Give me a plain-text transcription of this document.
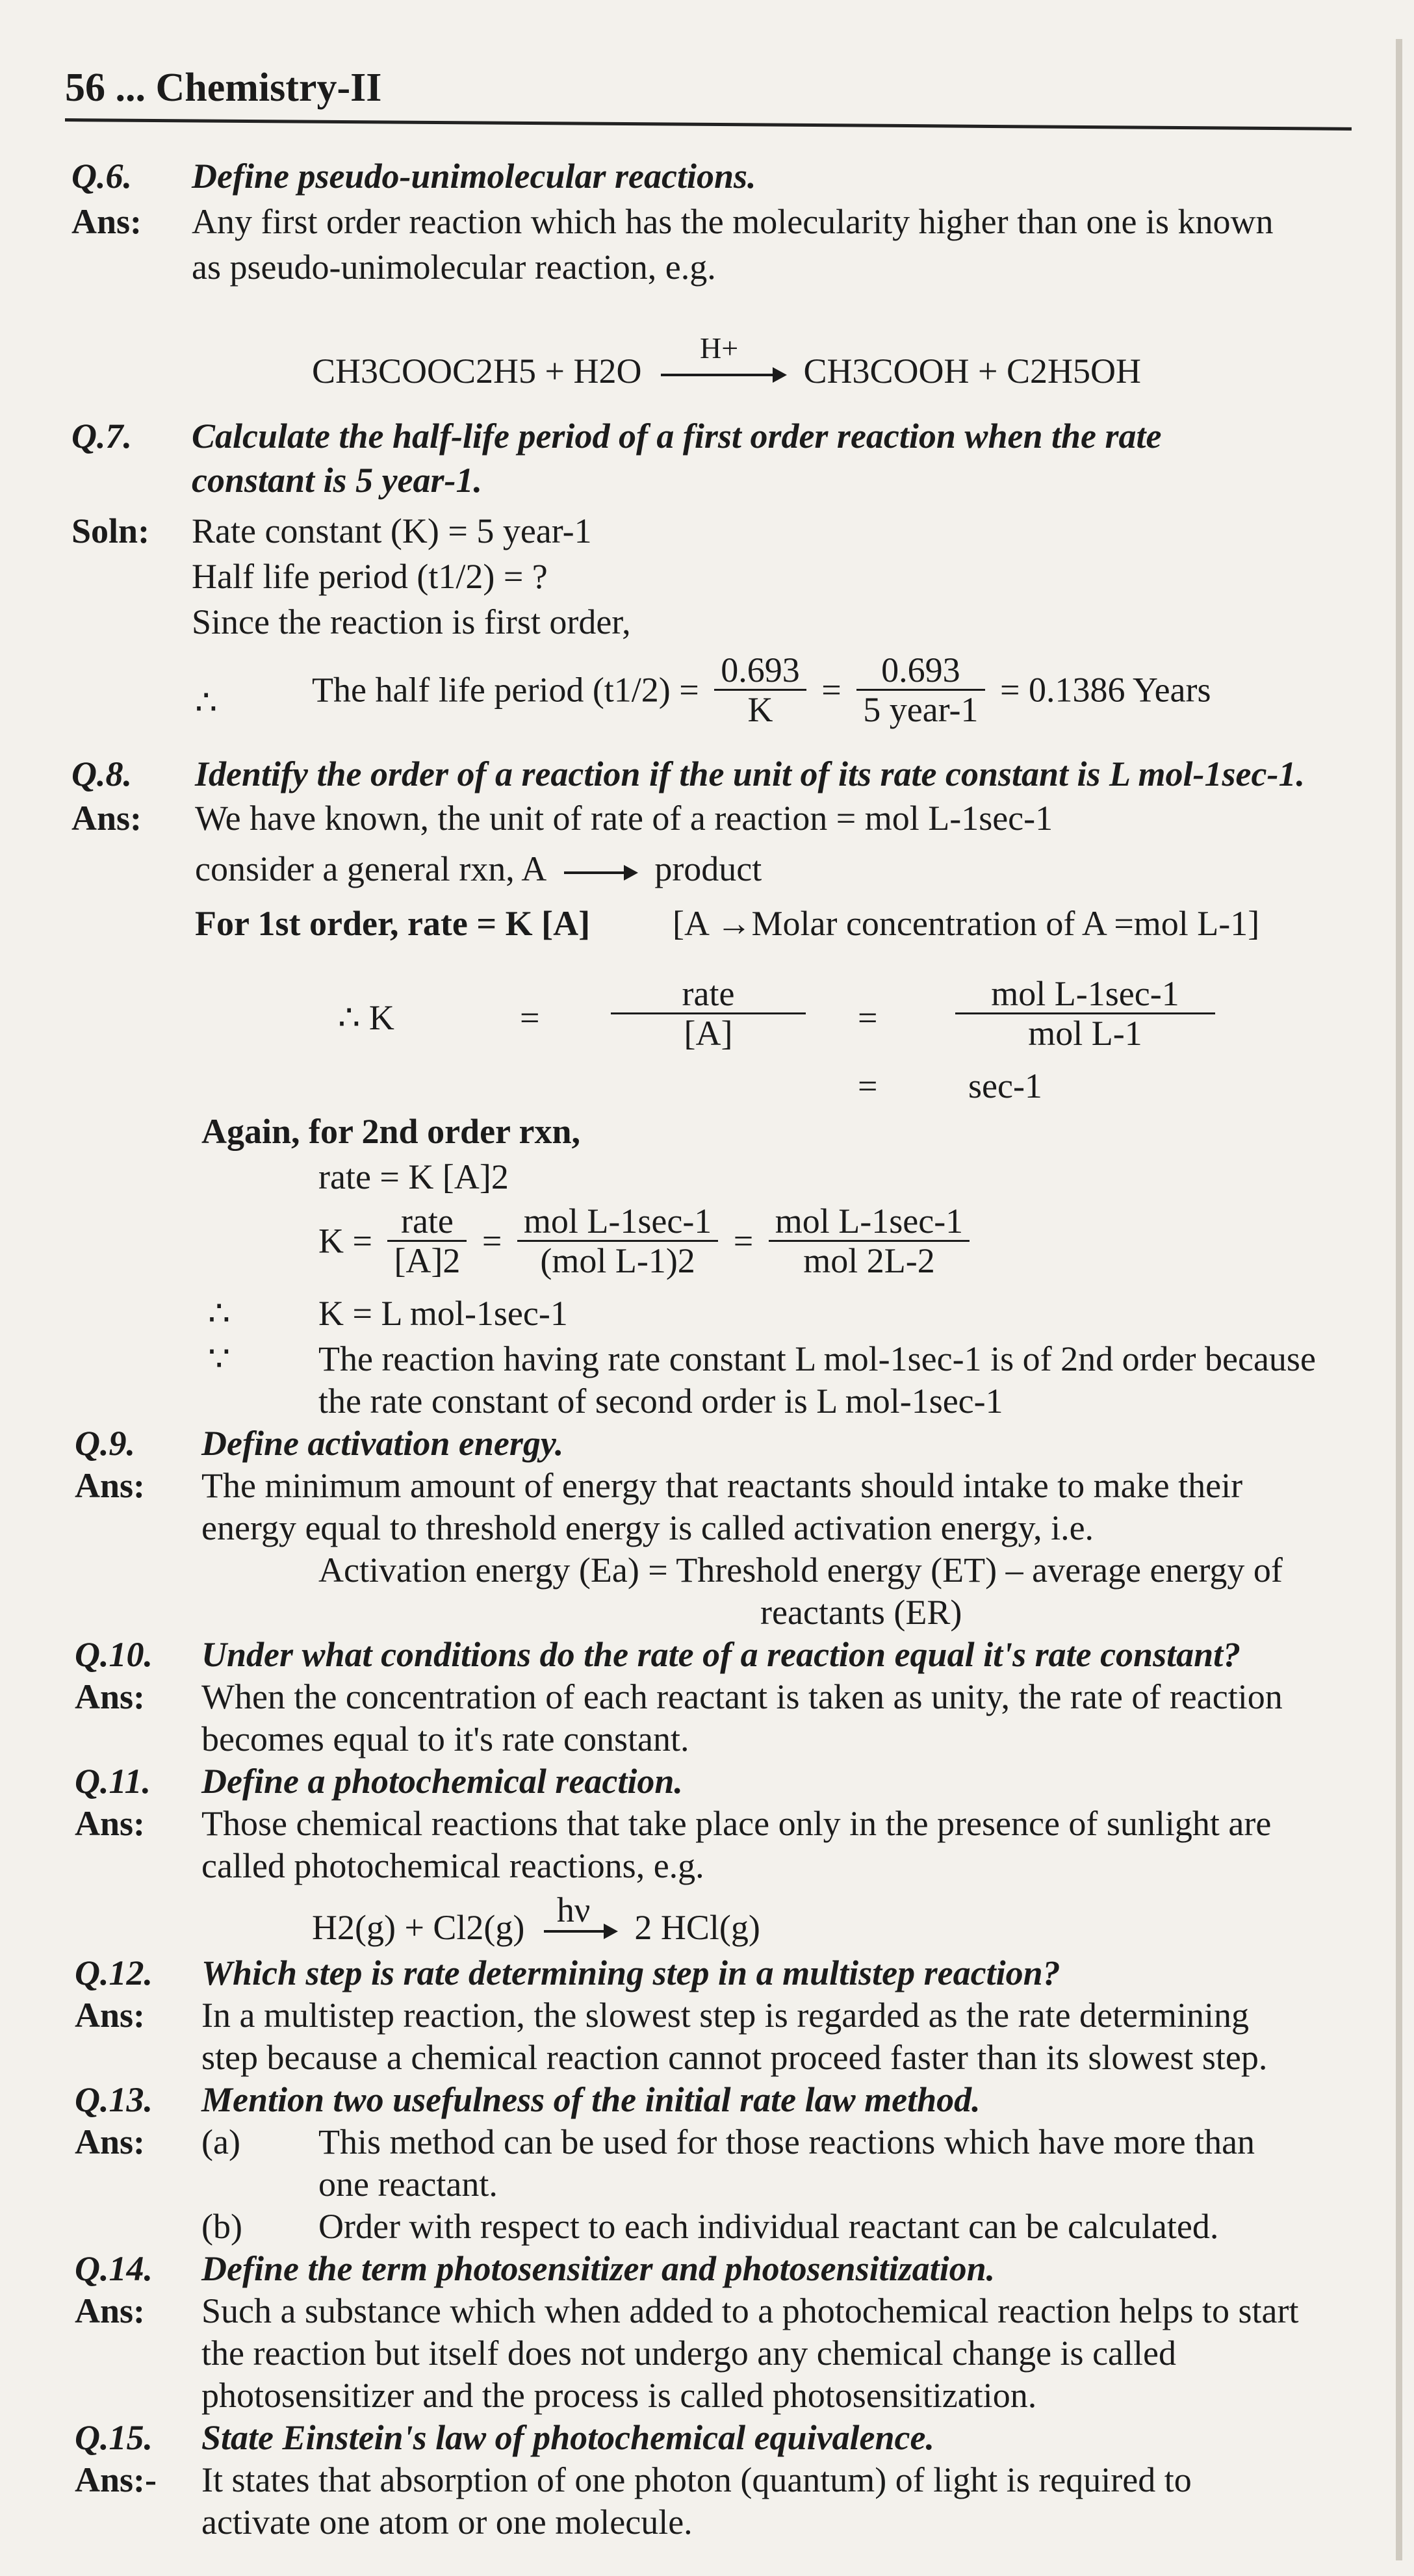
56 ... Chemistry-II
Q.6. Define pseudo-unimolecular reactions.
Ans: Any first order reaction which has the molecularity higher than one is known
as pseudo-unimolecular reaction, e.g.
CH3COOC2H5 + H2O
H+
CH3COOH + C2H5OH
Q.7. Calculate the half-life period of a first order reaction when the rate
constant is 5 year-1.
Soln: Rate constant (K) = 5 year-1
Half life period (t1/2) = ?
Since the reaction is first order,
∴	The half life period $(t1/2) = \frac{0.693}{K} = \frac{0.693}{\text{5 year-1}} = 0.1386$ Years
Q.8. Identify the order of a reaction if the unit of its rate constant is L mol-1sec-1.
Ans: We have known, the unit of rate of a reaction = mol L-1sec-1
consider a general rxn, A → product
For 1st order, rate = K [A] [A →Molar concentration of A =mol L-1]
∴ K	= $\frac{\text{rate}}{[A]} = \frac{\text{mol L-1sec-1}}{\text{mol L-1}}$
=	sec-1
Again, for 2nd order rxn,
rate = K [A]2
$K = \frac{\text{rate}}{[A]2} = \frac{\text{mol L-1sec-1}}{\text{(mol L-1)2}} = \frac{\text{mol L-1sec-1}}{\text{mol 2L-2}}$
∴	K = L mol-1sec-1
∵	The reaction having rate constant L mol-1sec-1 is of 2nd order because
the rate constant of second order is L mol-1sec-1
Q.9. Define activation energy.
Ans: The minimum amount of energy that reactants should intake to make their
energy equal to threshold energy is called activation energy, i.e.
Activation energy (Ea) = Threshold energy (ET) – average energy of
reactants (ER)
Q.10. Under what conditions do the rate of a reaction equal it's rate constant?
Ans: When the concentration of each reactant is taken as unity, the rate of reaction
becomes equal to it's rate constant.
Q.11. Define a photochemical reaction.
Ans: Those chemical reactions that take place only in the presence of sunlight are
called photochemical reactions, e.g.
H2(g) + Cl2(g) hν 2 HCl(g)
Q.12. Which step is rate determining step in a multistep reaction?
Ans: In a multistep reaction, the slowest step is regarded as the rate determining
step because a chemical reaction cannot proceed faster than its slowest step.
Q.13. Mention two usefulness of the initial rate law method.
Ans: (a) This method can be used for those reactions which have more than
one reactant.
(b) Order with respect to each individual reactant can be calculated.
Q.14. Define the term photosensitizer and photosensitization.
Ans: Such a substance which when added to a photochemical reaction helps to start
the reaction but itself does not undergo any chemical change is called
photosensitizer and the process is called photosensitization.
Q.15. State Einstein's law of photochemical equivalence.
Ans:- It states that absorption of one photon (quantum) of light is required to
activate one atom or one molecule.
